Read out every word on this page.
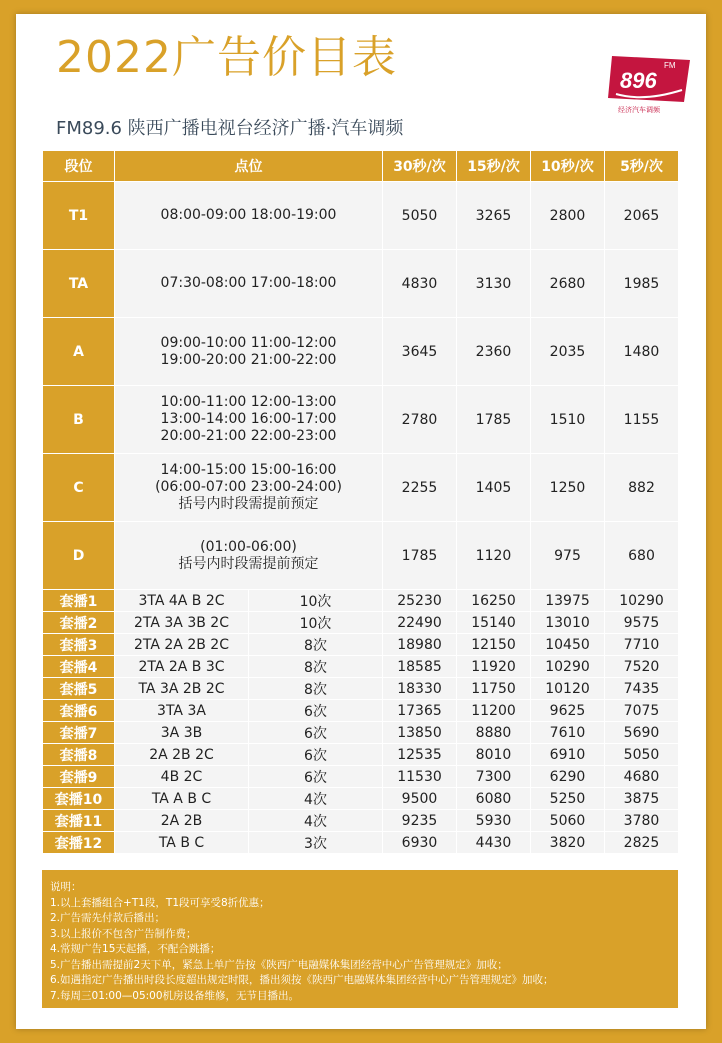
2022广告价目表	FM
896
经济汽车调频
FM89.6 陕西广播电视台经济广播·汽车调频
段位	点位		30秒/次	15秒/次	10秒/次	5秒/次
T1	08:00-09:00 18:00-19:00		5050	3265	2800	2065
TA	07:30-08:00 17:00-18:00		4830	3130	2680	1985
A	09:00-10:00 11:00-12:00
19:00-20:00 21:00-22:00		3645	2360	2035	1480
B	10:00-11:00 12:00-13:00
13:00-14:00 16:00-17:00
20:00-21:00 22:00-23:00		2780	1785	1510	1155
C	14:00-15:00 15:00-16:00
(06:00-07:00 23:00-24:00)
括号内时段需提前预定		2255	1405	1250	882
D	(01:00-06:00)
括号内时段需提前预定		1785	1120	975	680
套播1	3TA 4A B 2C	10次	25230	16250	13975	10290
套播2	2TA 3A 3B 2C	10次	22490	15140	13010	9575
套播3	2TA 2A 2B 2C	8次	18980	12150	10450	7710
套播4	2TA 2A B 3C	8次	18585	11920	10290	7520
套播5	TA 3A 2B 2C	8次	18330	11750	10120	7435
套播6	3TA 3A	6次	17365	11200	9625	7075
套播7	3A 3B	6次	13850	8880	7610	5690
套播8	2A 2B 2C	6次	12535	8010	6910	5050
套播9	4B 2C	6次	11530	7300	6290	4680
套播10	TA A B C	4次	9500	6080	5250	3875
套播11	2A 2B	4次	9235	5930	5060	3780
套播12	TA B C	3次	6930	4430	3820	2825
说明：
1.以上套播组合+T1段，T1段可享受8折优惠；
2.广告需先付款后播出；
3.以上报价不包含广告制作费；
4.常规广告15天起播，不配合跳播；
5.广告播出需提前2天下单，紧急上单广告按《陕西广电融媒体集团经营中心广告管理规定》加收；
6.如遇指定广告播出时段长度超出规定时限，播出须按《陕西广电融媒体集团经营中心广告管理规定》加收；
7.每周三01:00—05:00机房设备维修，无节目播出。
